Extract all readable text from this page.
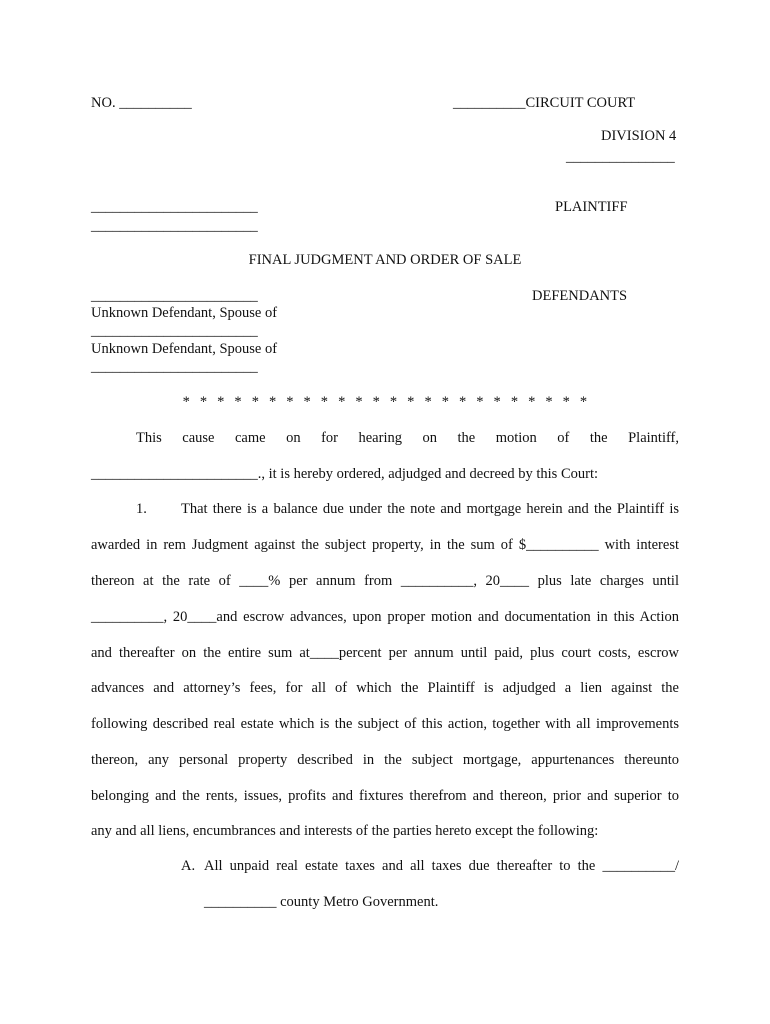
NO. __________	__________CIRCUIT COURT
DIVISION 4
_______________
_______________________	PLAINTIFF
_______________________
FINAL JUDGMENT AND ORDER OF SALE
_______________________	DEFENDANTS
Unknown Defendant, Spouse of
_______________________
Unknown Defendant, Spouse of
_______________________
* * * * * * * * * * * * * * * * * * * * * * * *
This cause came on for hearing on the motion of the Plaintiff,
_______________________., it is hereby ordered, adjudged and decreed by this Court:
1. That there is a balance due under the note and mortgage herein and the Plaintiff is
awarded in rem Judgment against the subject property, in the sum of $__________ with interest
thereon at the rate of ____% per annum from __________, 20____ plus late charges until
__________, 20____and escrow advances, upon proper motion and documentation in this Action
and thereafter on the entire sum at____percent per annum until paid, plus court costs, escrow
advances and attorney’s fees, for all of which the Plaintiff is adjudged a lien against the
following described real estate which is the subject of this action, together with all improvements
thereon, any personal property described in the subject mortgage, appurtenances thereunto
belonging and the rents, issues, profits and fixtures therefrom and thereon, prior and superior to
any and all liens, encumbrances and interests of the parties hereto except the following:
A. All unpaid real estate taxes and all taxes due thereafter to the __________/
__________ county Metro Government.
